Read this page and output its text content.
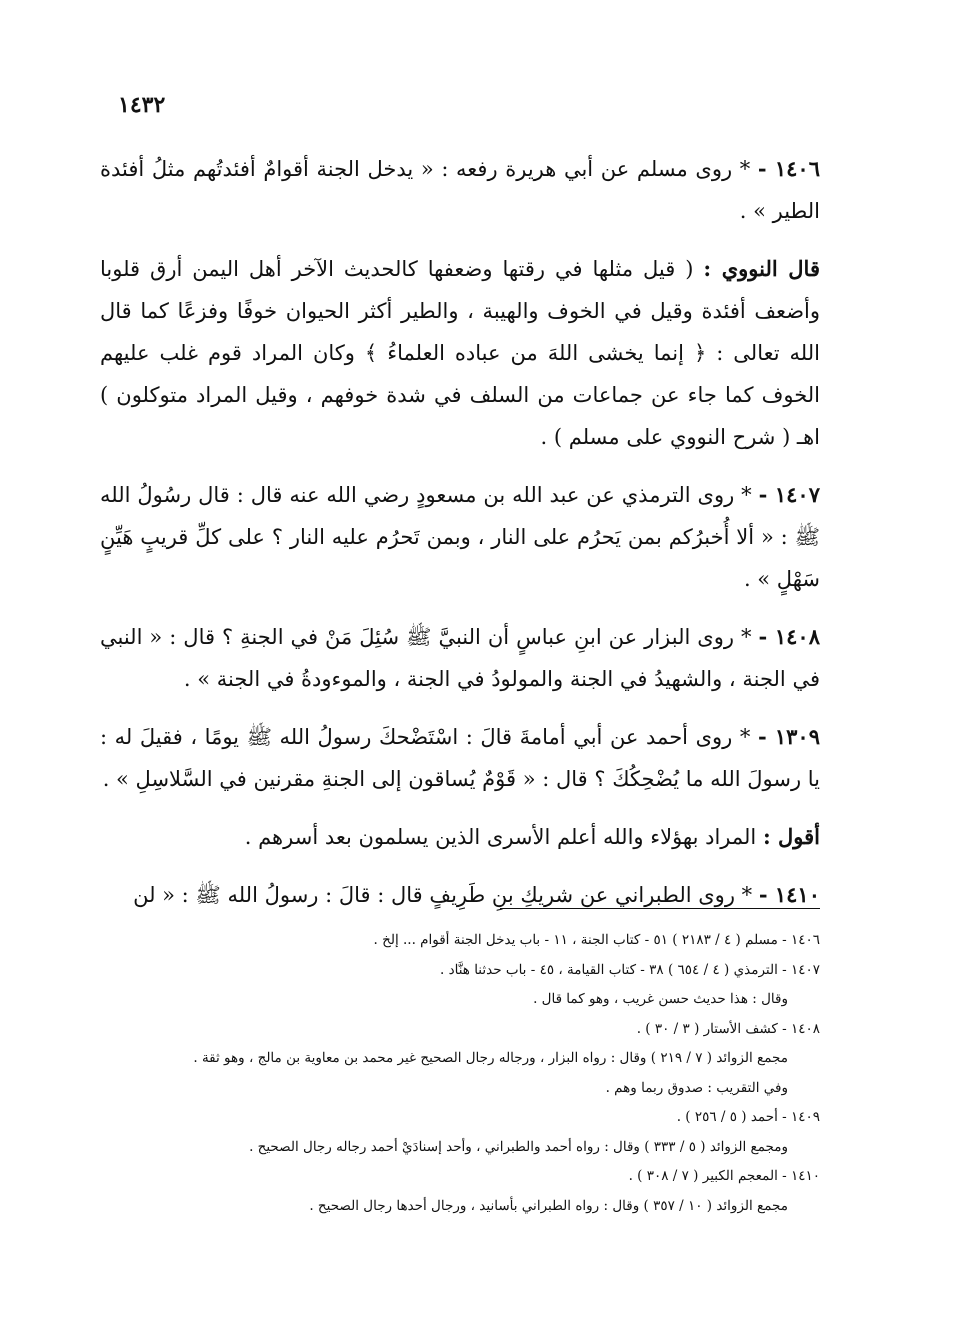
١٤٣٢

١٤٠٦ - * روى مسلم عن أبي هريرة رفعه : « يدخل الجنة أقوامٌ أفئدتُهم مثلُ أفئدة الطير » .

قال النووي : ( قيل مثلها في رقتها وضعفها كالحديث الآخر أهل اليمن أرق قلوبا وأضعف أفئدة وقيل في الخوف والهيبة ، والطير أكثر الحيوان خوفًا وفزعًا كما قال الله تعالى : ﴿ إنما يخشى اللهَ من عباده العلماءُ ﴾ وكان المراد قوم غلب عليهم الخوف كما جاء عن جماعات من السلف في شدة خوفهم ، وقيل المراد متوكلون ) اهـ ( شرح النووي على مسلم ) .

١٤٠٧ - * روى الترمذي عن عبد الله بن مسعودٍ رضي الله عنه قال : قال رسُولُ الله ﷺ : « ألا أُخبرُكم بمن يَحرُم على النار ، وبمن تَحرُم عليه النار ؟ على كلِّ قريبٍ هَيِّنٍ سَهْلٍ » .

١٤٠٨ - * روى البزار عن ابنِ عباسٍ أن النبيَّ ﷺ سُئِلَ مَنْ في الجنةِ ؟ قال : « النبي في الجنة ، والشهيدُ في الجنة والمولودُ في الجنة ، والموءودةُ في الجنة » .

١٣٠٩ - * روى أحمد عن أبي أمامةَ قالَ : اسْتَضْحكَ رسولُ الله ﷺ يومًا ، فقيلَ له : يا رسولَ الله ما يُضْحِكُكَ ؟ قال : « قَوْمٌ يُساقون إلى الجنةِ مقرنين في السَّلاسِلِ » .

أقول : المراد بهؤلاء والله أعلم الأسرى الذين يسلمون بعد أسرهم .

١٤١٠ - * روى الطبراني عن شريكِ بنِ طَرِيفٍ قال : قالَ : رسولُ الله ﷺ : « لن

١٤٠٦ - مسلم ( ٤ / ٢١٨٣ ) ٥١ - كتاب الجنة ، ١١ - باب يدخل الجنة أقوام ... إلخ .
١٤٠٧ - الترمذي ( ٤ / ٦٥٤ ) ٣٨ - كتاب القيامة ، ٤٥ - باب حدثنا هنَّاد .
وقال : هذا حديث حسن غريب ، وهو كما قال .
١٤٠٨ - كشف الأستار ( ٣ / ٣٠ ) .
مجمع الزوائد ( ٧ / ٢١٩ ) وقال : رواه البزار ، ورجاله رجال الصحيح غير محمد بن معاوية بن مالج ، وهو ثقة .
وفي التقريب : صدوق ربما وهم .
١٤٠٩ - أحمد ( ٥ / ٢٥٦ ) .
ومجمع الزوائد ( ٥ / ٣٣٣ ) وقال : رواه أحمد والطبراني ، وأحد إسنادَيْ أحمد رجاله رجال الصحيح .
١٤١٠ - المعجم الكبير ( ٧ / ٣٠٨ ) .
مجمع الزوائد ( ١٠ / ٣٥٧ ) وقال : رواه الطبراني بأسانيد ، ورجال أحدها رجال الصحيح .
